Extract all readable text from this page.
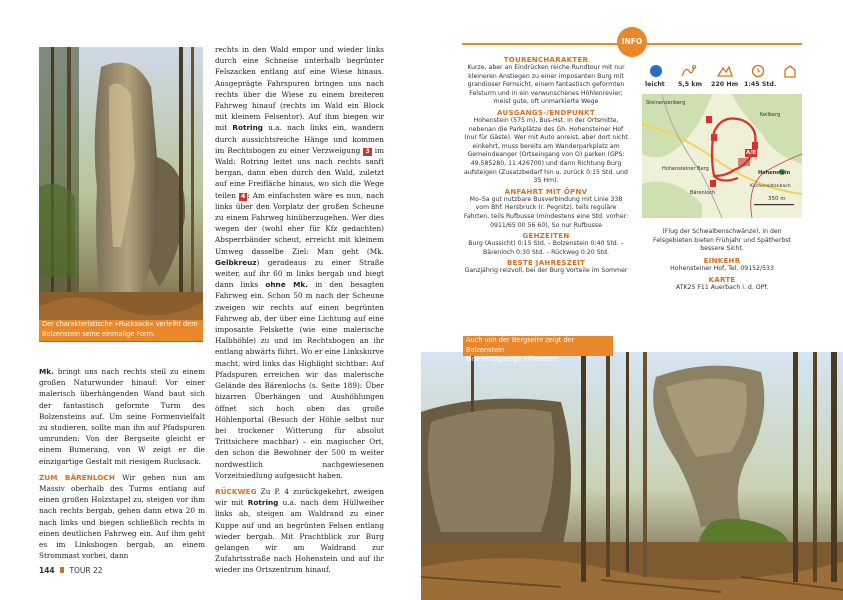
Der charakteristische »Rucksack« verleiht dem
Bolzenstein seine einmalige Form.
Mk. bringt uns nach rechts steil zu einem großen Naturwunder hinauf: Vor einer malerisch überhängenden Wand baut sich der fantastisch geformte Turm des Bolzensteins auf. Um seine Formenvielfalt zu studieren, sollte man ihn auf Pfadspuren umrunden: Von der Bergseite gleicht er einem Bumerang, von W zeigt er die einzigartige Gestalt mit riesigem Rucksack.
ZUM BÄRENLOCH Wir gehen nun am Massiv oberhalb des Turms entlang auf einen großen Holzstapel zu, steigen vor ihm nach rechts bergab, gehen dann etwa 20 m nach links und biegen schließlich rechts in einen deutlichen Fahrweg ein. Auf ihm geht es im Linksbogen bergab, an einem Strommast vorbei, dann
rechts in den Wald empor und wieder links durch eine Schneise unterhalb begrünter Felszacken entlang auf eine Wiese hinaus. Ausgeprägte Fahrspuren bringen uns nach rechts über die Wiese zu einem breiteren Fahrweg hinauf (rechts im Wald ein Block mit kleinem Felsentor). Auf ihm biegen wir mit Rotring u.a. nach links ein, wandern durch aussichtsreiche Hänge und kommen im Rechtsbogen zu einer Verzweigung 3 im Wald: Rotring leitet uns nach rechts sanft bergan, dann eben durch den Wald, zuletzt auf eine Freifläche hinaus, wo sich die Wege teilen 4 : Am einfachsten wäre es nun, nach links über den Vorplatz der großen Scheune zu einem Fahrweg hinüberzugehen. Wer dies wegen der (wohl eher für Kfz gedachten) Absperrbänder scheut, erreicht mit kleinem Umweg dasselbe Ziel: Man geht (Mk. Gelbkreuz) geradeaus zu einer Straße weiter, auf ihr 60 m links bergab und biegt dann links ohne Mk. in den besagten Fahrweg ein. Schon 50 m nach der Scheune zweigen wir rechts auf einen begrünten Fahrweg ab, der über eine Lichtung auf eine imposante Felskette (wie eine malerische Halbhöhle) zu und im Rechtsbogen an ihr entlang abwärts führt. Wo er eine Linkskurve macht, wird links das Highlight sichtbar: Auf Pfadspuren erreichen wir das malerische Gelände des Bärenlochs (s. Seite 189): Über bizarren Überhängen und Aushöhlungen öffnet sich hoch oben das große Höhlenportal (Besuch der Höhle selbst nur bei trockener Witterung für absolut Trittsichere machbar) – ein magischer Ort, den schon die Bewohner der 500 m weiter nordwestlich nachgewiesenen Vorzeitsiedlung aufgesucht haben.
RÜCKWEG Zu P. 4 zurückgekehrt, zweigen wir mit Rotring u.a. nach dem Hüllweiher links ab, steigen am Waldrand zu einer Kuppe auf und an begrünten Felsen entlang wieder bergab. Mit Prachtblick zur Burg gelangen wir am Waldrand zur Zufahrtsstraße nach Hohenstein und auf ihr wieder ins Ortszentrum hinauf.
144 TOUR 22
INFO
TOURENCHARAKTER
Kurze, aber an Eindrücken reiche Rundtour mit nur kleineren Anstiegen zu einer imposanten Burg mit grandioser Fernsicht, einem fantastisch geformten Felsturm und in ein verwunschenes Höhlenrevier; meist gute, oft unmarkierte Wege
AUSGANGS-/ENDPUNKT
Hohenstein (575 m), Bus-Hst. in der Ortsmitte, nebenan die Parkplätze des Gh. Hohensteiner Hof (nur für Gäste). Wer mit Auto anreist, aber dort nicht einkehrt, muss bereits am Wanderparkplatz am Gemeindeanger (Ortseingang von O) parken (GPS: 49.585280, 11.426700) und dann Richtung Burg aufsteigen (Zusatzbedarf hin u. zurück 0:15 Std. und 35 Hm).
ANFAHRT MIT ÖPNV
Mo–Sa gut nutzbare Busverbindung mit Linie 338 vom Bhf. Hersbruck (r. Pegnitz), teils reguläre Fahrten, teils Rufbusse (mindestens eine Std. vorher: 0911/65 00 56 60), So nur Rufbusse
GEHZEITEN
Burg (Aussicht) 0:15 Std. – Bolzenstein 0:40 Std. – Bärenloch 0:30 Std. – Rückweg 0:20 Std.
BESTE JAHRESZEIT
Ganzjährig reizvoll, bei der Burg Vorteile im Sommer
leicht 5,5 km 220 Hm 1:45 Std.
Steinenzenberg
Keilberg
Hohensteiner Berg
Hohenstein
Kirchensittenbach
Bärenloch
A/E
350 m
(Flug der Schwalbenschwänze), in den Felsgebieten bieten Frühjahr und Spätherbst bessere Sicht.
EINKEHR
Hohensteiner Hof, Tel. 09152/533
KARTE
ATK25 F11 Auerbach i. d. OPf.
Auch von der Bergseite zeigt der Bolzenstein
eine einzigartige Silhouette.
